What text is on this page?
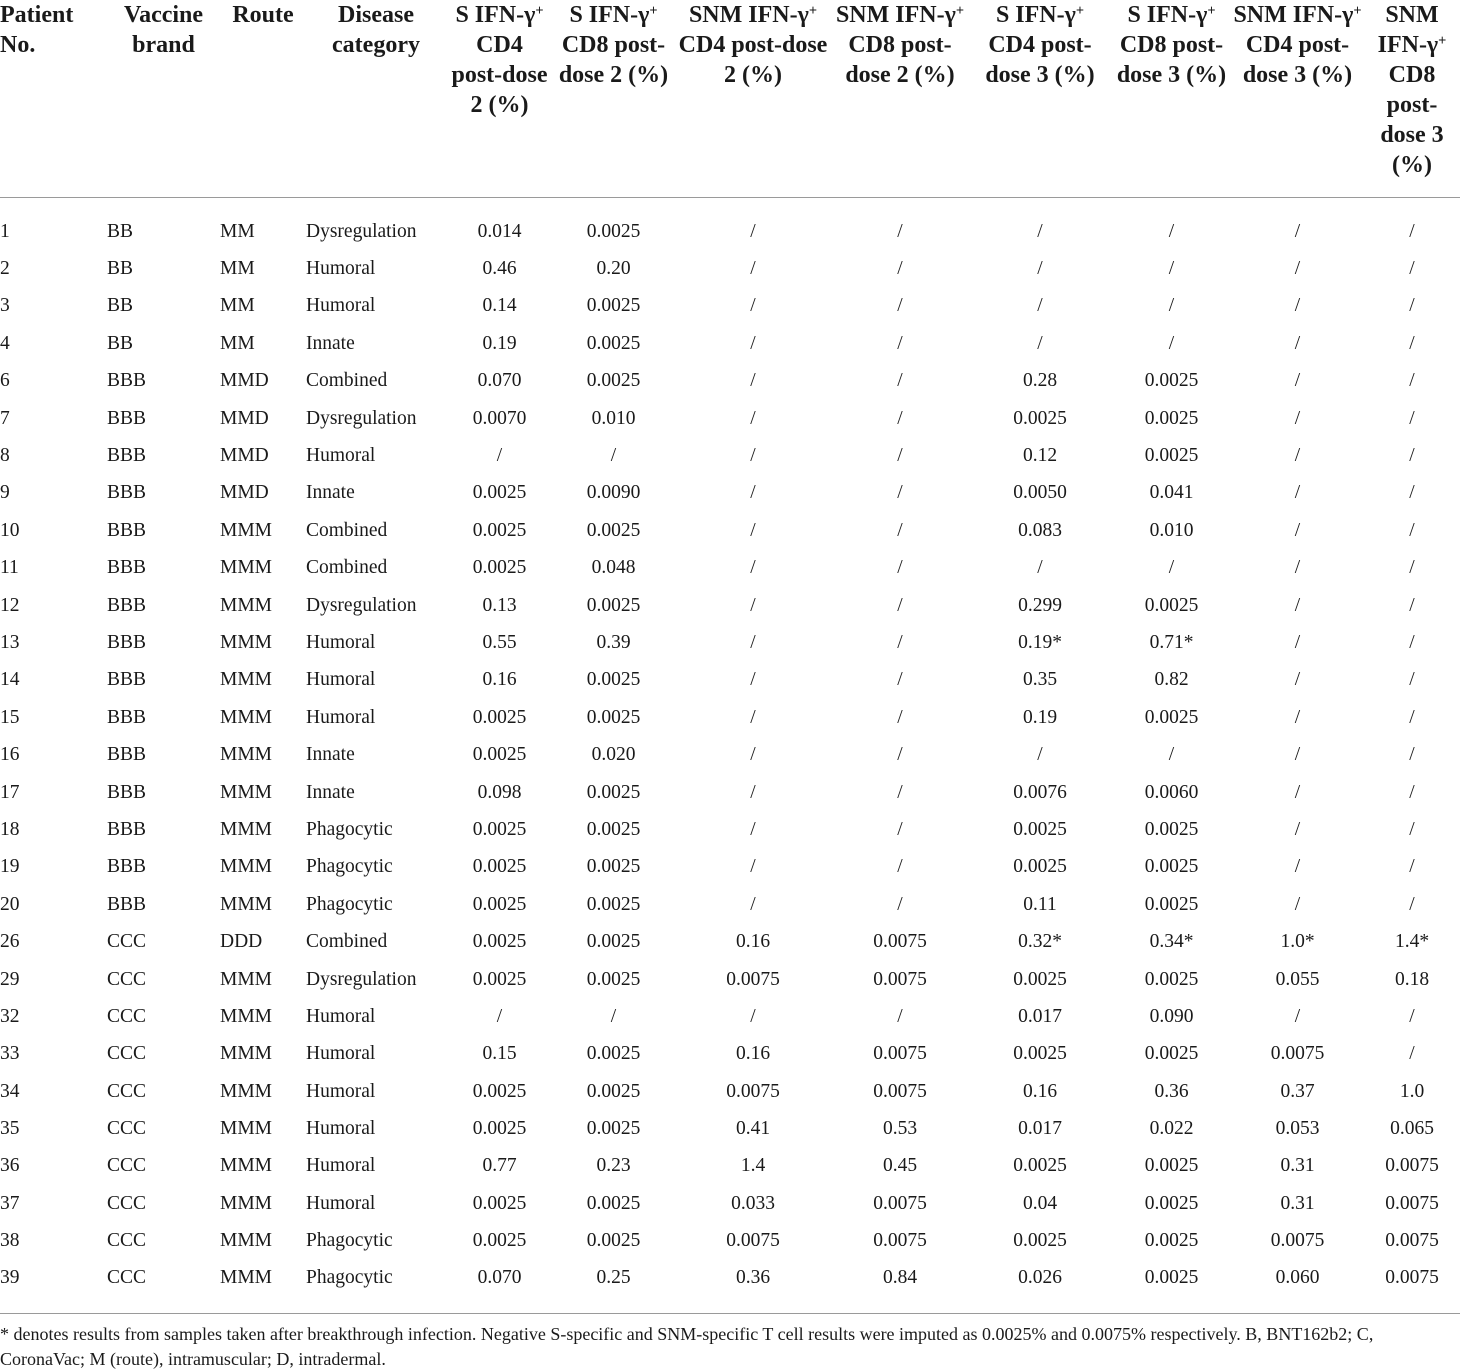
Patient No.	Vaccine brand	Route	Disease category	S IFN-γ+ CD4 post-dose 2 (%)	S IFN-γ+ CD8 post-dose 2 (%)	SNM IFN-γ+ CD4 post-dose 2 (%)	SNM IFN-γ+ CD8 post-dose 2 (%)	S IFN-γ+ CD4 post-dose 3 (%)	S IFN-γ+ CD8 post-dose 3 (%)	SNM IFN-γ+ CD4 post-dose 3 (%)	SNM IFN-γ+ CD8 post-dose 3 (%)
1	BB	MM	Dysregulation	0.014	0.0025	/	/	/	/	/	/
2	BB	MM	Humoral	0.46	0.20	/	/	/	/	/	/
3	BB	MM	Humoral	0.14	0.0025	/	/	/	/	/	/
4	BB	MM	Innate	0.19	0.0025	/	/	/	/	/	/
6	BBB	MMD	Combined	0.070	0.0025	/	/	0.28	0.0025	/	/
7	BBB	MMD	Dysregulation	0.0070	0.010	/	/	0.0025	0.0025	/	/
8	BBB	MMD	Humoral	/	/	/	/	0.12	0.0025	/	/
9	BBB	MMD	Innate	0.0025	0.0090	/	/	0.0050	0.041	/	/
10	BBB	MMM	Combined	0.0025	0.0025	/	/	0.083	0.010	/	/
11	BBB	MMM	Combined	0.0025	0.048	/	/	/	/	/	/
12	BBB	MMM	Dysregulation	0.13	0.0025	/	/	0.299	0.0025	/	/
13	BBB	MMM	Humoral	0.55	0.39	/	/	0.19*	0.71*	/	/
14	BBB	MMM	Humoral	0.16	0.0025	/	/	0.35	0.82	/	/
15	BBB	MMM	Humoral	0.0025	0.0025	/	/	0.19	0.0025	/	/
16	BBB	MMM	Innate	0.0025	0.020	/	/	/	/	/	/
17	BBB	MMM	Innate	0.098	0.0025	/	/	0.0076	0.0060	/	/
18	BBB	MMM	Phagocytic	0.0025	0.0025	/	/	0.0025	0.0025	/	/
19	BBB	MMM	Phagocytic	0.0025	0.0025	/	/	0.0025	0.0025	/	/
20	BBB	MMM	Phagocytic	0.0025	0.0025	/	/	0.11	0.0025	/	/
26	CCC	DDD	Combined	0.0025	0.0025	0.16	0.0075	0.32*	0.34*	1.0*	1.4*
29	CCC	MMM	Dysregulation	0.0025	0.0025	0.0075	0.0075	0.0025	0.0025	0.055	0.18
32	CCC	MMM	Humoral	/	/	/	/	0.017	0.090	/	/
33	CCC	MMM	Humoral	0.15	0.0025	0.16	0.0075	0.0025	0.0025	0.0075	/
34	CCC	MMM	Humoral	0.0025	0.0025	0.0075	0.0075	0.16	0.36	0.37	1.0
35	CCC	MMM	Humoral	0.0025	0.0025	0.41	0.53	0.017	0.022	0.053	0.065
36	CCC	MMM	Humoral	0.77	0.23	1.4	0.45	0.0025	0.0025	0.31	0.0075
37	CCC	MMM	Humoral	0.0025	0.0025	0.033	0.0075	0.04	0.0025	0.31	0.0075
38	CCC	MMM	Phagocytic	0.0025	0.0025	0.0075	0.0075	0.0025	0.0025	0.0075	0.0075
39	CCC	MMM	Phagocytic	0.070	0.25	0.36	0.84	0.026	0.0025	0.060	0.0075
* denotes results from samples taken after breakthrough infection. Negative S-specific and SNM-specific T cell results were imputed as 0.0025% and 0.0075% respectively. B, BNT162b2; C, CoronaVac; M (route), intramuscular; D, intradermal.
